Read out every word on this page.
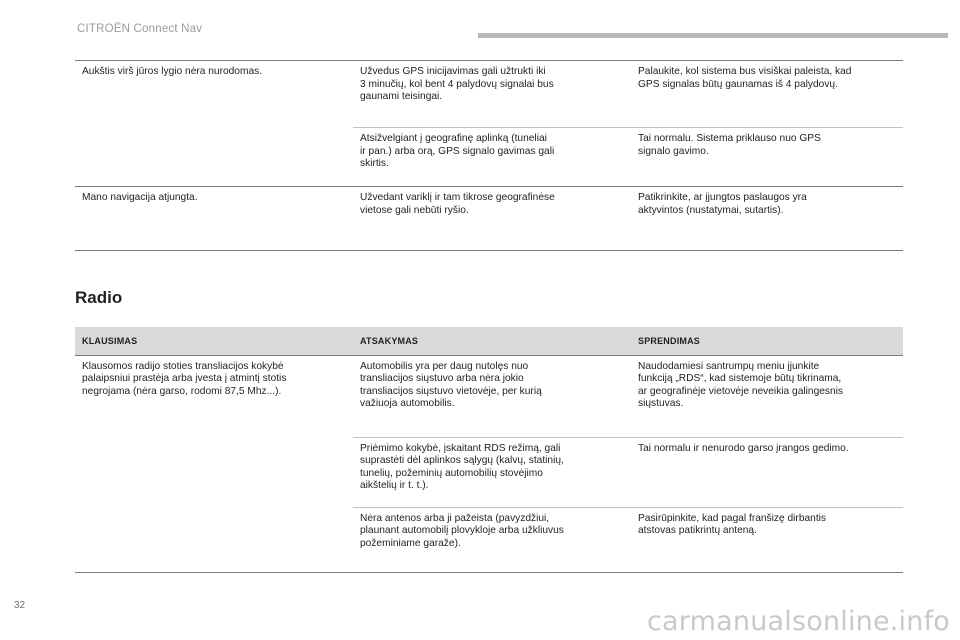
CITROËN Connect Nav
Aukštis virš jūros lygio nėra nurodomas.	Užvedus GPS inicijavimas gali užtrukti iki
3 minučių, kol bent 4 palydovų signalai bus
gaunami teisingai.	Palaukite, kol sistema bus visiškai paleista, kad
GPS signalas būtų gaunamas iš 4 palydovų.
	Atsižvelgiant į geografinę aplinką (tuneliai
ir pan.) arba orą, GPS signalo gavimas gali
skirtis.	Tai normalu. Sistema priklauso nuo GPS
signalo gavimo.
Mano navigacija atjungta.	Užvedant variklį ir tam tikrose geografinėse
vietose gali nebūti ryšio.	Patikrinkite, ar įjungtos paslaugos yra
aktyvintos (nustatymai, sutartis).
Radio
KLAUSIMAS	ATSAKYMAS	SPRENDIMAS
Klausomos radijo stoties transliacijos kokybė
palaipsniui prastėja arba įvesta į atmintį stotis
negrojama (nėra garso, rodomi 87,5 Mhz...).	Automobilis yra per daug nutolęs nuo
transliacijos siųstuvo arba nėra jokio
transliacijos siųstuvo vietovėje, per kurią
važiuoja automobilis.	Naudodamiesi santrumpų meniu įjunkite
funkciją „RDS“, kad sistemoje būtų tikrinama,
ar geografinėje vietovėje neveikia galingesnis
siųstuvas.
	Priėmimo kokybė, įskaitant RDS režimą, gali
suprastėti dėl aplinkos sąlygų (kalvų, statinių,
tunelių, požeminių automobilių stovėjimo
aikštelių ir t. t.).	Tai normalu ir nenurodo garso įrangos gedimo.
	Nėra antenos arba ji pažeista (pavyzdžiui,
plaunant automobilį plovykloje arba užkliuvus
požeminiame garaže).	Pasirūpinkite, kad pagal franšizę dirbantis
atstovas patikrintų anteną.
32
carmanualsonline.info
